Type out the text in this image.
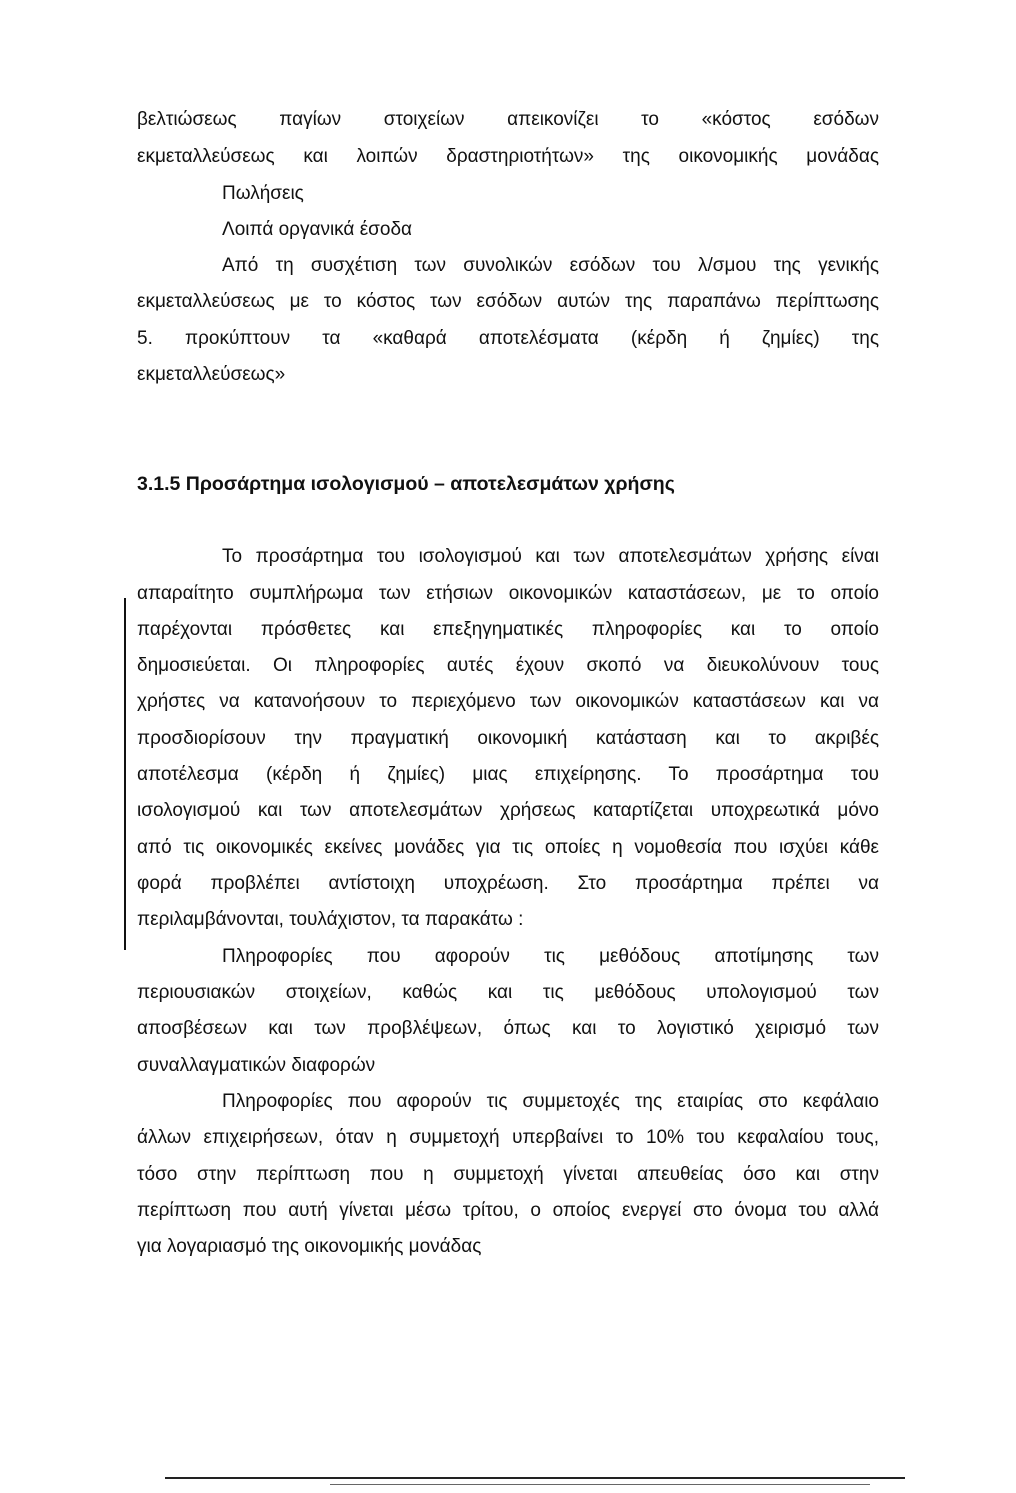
βελτιώσεως παγίων στοιχείων απεικονίζει το «κόστος εσόδων
εκμεταλλεύσεως και λοιπών δραστηριοτήτων» της οικονομικής μονάδας
Πωλήσεις
Λοιπά οργανικά έσοδα
Από τη συσχέτιση των συνολικών εσόδων του λ/σμου της γενικής
εκμεταλλεύσεως με το κόστος των εσόδων αυτών της παραπάνω περίπτωσης
5. προκύπτουν τα «καθαρά αποτελέσματα (κέρδη ή ζημίες) της
εκμεταλλεύσεως»
3.1.5 Προσάρτημα ισολογισμού – αποτελεσμάτων χρήσης
Το προσάρτημα του ισολογισμού και των αποτελεσμάτων χρήσης είναι
απαραίτητο συμπλήρωμα των ετήσιων οικονομικών καταστάσεων, με το οποίο
παρέχονται πρόσθετες και επεξηγηματικές πληροφορίες και το οποίο
δημοσιεύεται. Οι πληροφορίες αυτές έχουν σκοπό να διευκολύνουν τους
χρήστες να κατανοήσουν το περιεχόμενο των οικονομικών καταστάσεων και να
προσδιορίσουν την πραγματική οικονομική κατάσταση και το ακριβές
αποτέλεσμα (κέρδη ή ζημίες) μιας επιχείρησης. Το προσάρτημα του
ισολογισμού και των αποτελεσμάτων χρήσεως καταρτίζεται υποχρεωτικά μόνο
από τις οικονομικές εκείνες μονάδες για τις οποίες η νομοθεσία που ισχύει κάθε
φορά προβλέπει αντίστοιχη υποχρέωση. Στο προσάρτημα πρέπει να
περιλαμβάνονται, τουλάχιστον, τα παρακάτω :
Πληροφορίες που αφορούν τις μεθόδους αποτίμησης των
περιουσιακών στοιχείων, καθώς και τις μεθόδους υπολογισμού των
αποσβέσεων και των προβλέψεων, όπως και το λογιστικό χειρισμό των
συναλλαγματικών διαφορών
Πληροφορίες που αφορούν τις συμμετοχές της εταιρίας στο κεφάλαιο
άλλων επιχειρήσεων, όταν η συμμετοχή υπερβαίνει το 10% του κεφαλαίου τους,
τόσο στην περίπτωση που η συμμετοχή γίνεται απευθείας όσο και στην
περίπτωση που αυτή γίνεται μέσω τρίτου, ο οποίος ενεργεί στο όνομα του αλλά
για λογαριασμό της οικονομικής μονάδας
